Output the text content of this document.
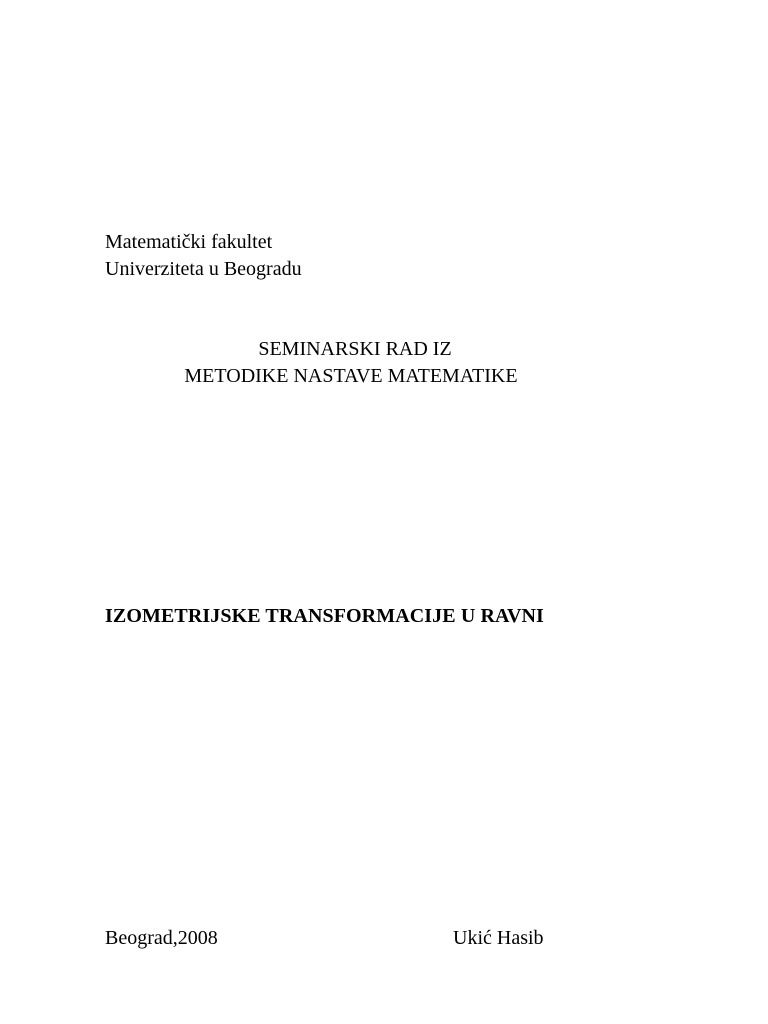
Matematički fakultet
Univerziteta u Beogradu
SEMINARSKI RAD IZ
METODIKE NASTAVE MATEMATIKE
IZOMETRIJSKE TRANSFORMACIJE U RAVNI
Beograd,2008	Ukić Hasib
